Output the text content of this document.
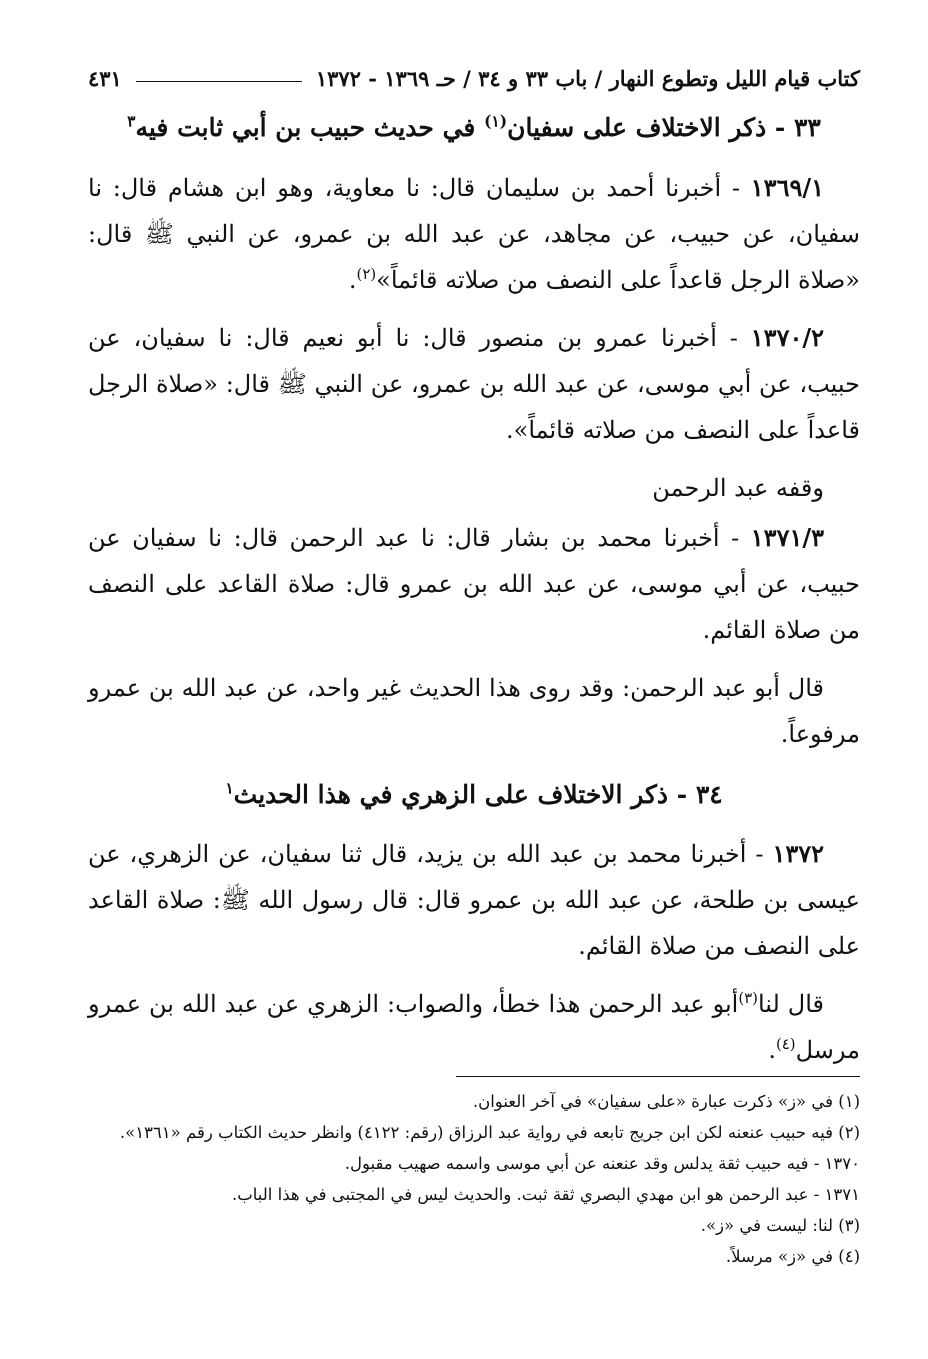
كتاب قيام الليل وتطوع النهار / باب ٣٣ و ٣٤ / حـ ١٣٦٩ - ١٣٧٢
٤٣١
٣٣ - ذكر الاختلاف على سفيان$^{(١)}$ في حديث حبيب بن أبي ثابت فيه$^٣$

١٣٦٩/١ - أخبرنا أحمد بن سليمان قال: نا معاوية، وهو ابن هشام قال: نا سفيان، عن حبيب، عن مجاهد، عن عبد الله بن عمرو، عن النبي ﷺ قال: «صلاة الرجل قاعداً على النصف من صلاته قائماً»$^{(٢)}$.

١٣٧٠/٢ - أخبرنا عمرو بن منصور قال: نا أبو نعيم قال: نا سفيان، عن حبيب، عن أبي موسى، عن عبد الله بن عمرو، عن النبي ﷺ قال: «صلاة الرجل قاعداً على النصف من صلاته قائماً».

وقفه عبد الرحمن

١٣٧١/٣ - أخبرنا محمد بن بشار قال: نا عبد الرحمن قال: نا سفيان عن حبيب، عن أبي موسى، عن عبد الله بن عمرو قال: صلاة القاعد على النصف من صلاة القائم.

قال أبو عبد الرحمن: وقد روى هذا الحديث غير واحد، عن عبد الله بن عمرو مرفوعاً.

٣٤ - ذكر الاختلاف على الزهري في هذا الحديث$^١$

١٣٧٢ - أخبرنا محمد بن عبد الله بن يزيد، قال ثنا سفيان، عن الزهري، عن عيسى بن طلحة، عن عبد الله بن عمرو قال: قال رسول الله ﷺ: صلاة القاعد على النصف من صلاة القائم.

قال لنا$^{(٣)}$أبو عبد الرحمن هذا خطأ، والصواب: الزهري عن عبد الله بن عمرو مرسل$^{(٤)}$.

(١) في «ز» ذكرت عبارة «على سفيان» في آخر العنوان.

(٢) فيه حبيب عنعنه لكن ابن جريج تابعه في رواية عبد الرزاق (رقم: ٤١٢٢) وانظر حديث الكتاب رقم «١٣٦١».

١٣٧٠ - فيه حبيب ثقة يدلس وقد عنعنه عن أبي موسى واسمه صهيب مقبول.

١٣٧١ - عبد الرحمن هو ابن مهدي البصري ثقة ثبت. والحديث ليس في المجتبى في هذا الباب.

(٣) لنا: ليست في «ز».

(٤) في «ز» مرسلاً.
